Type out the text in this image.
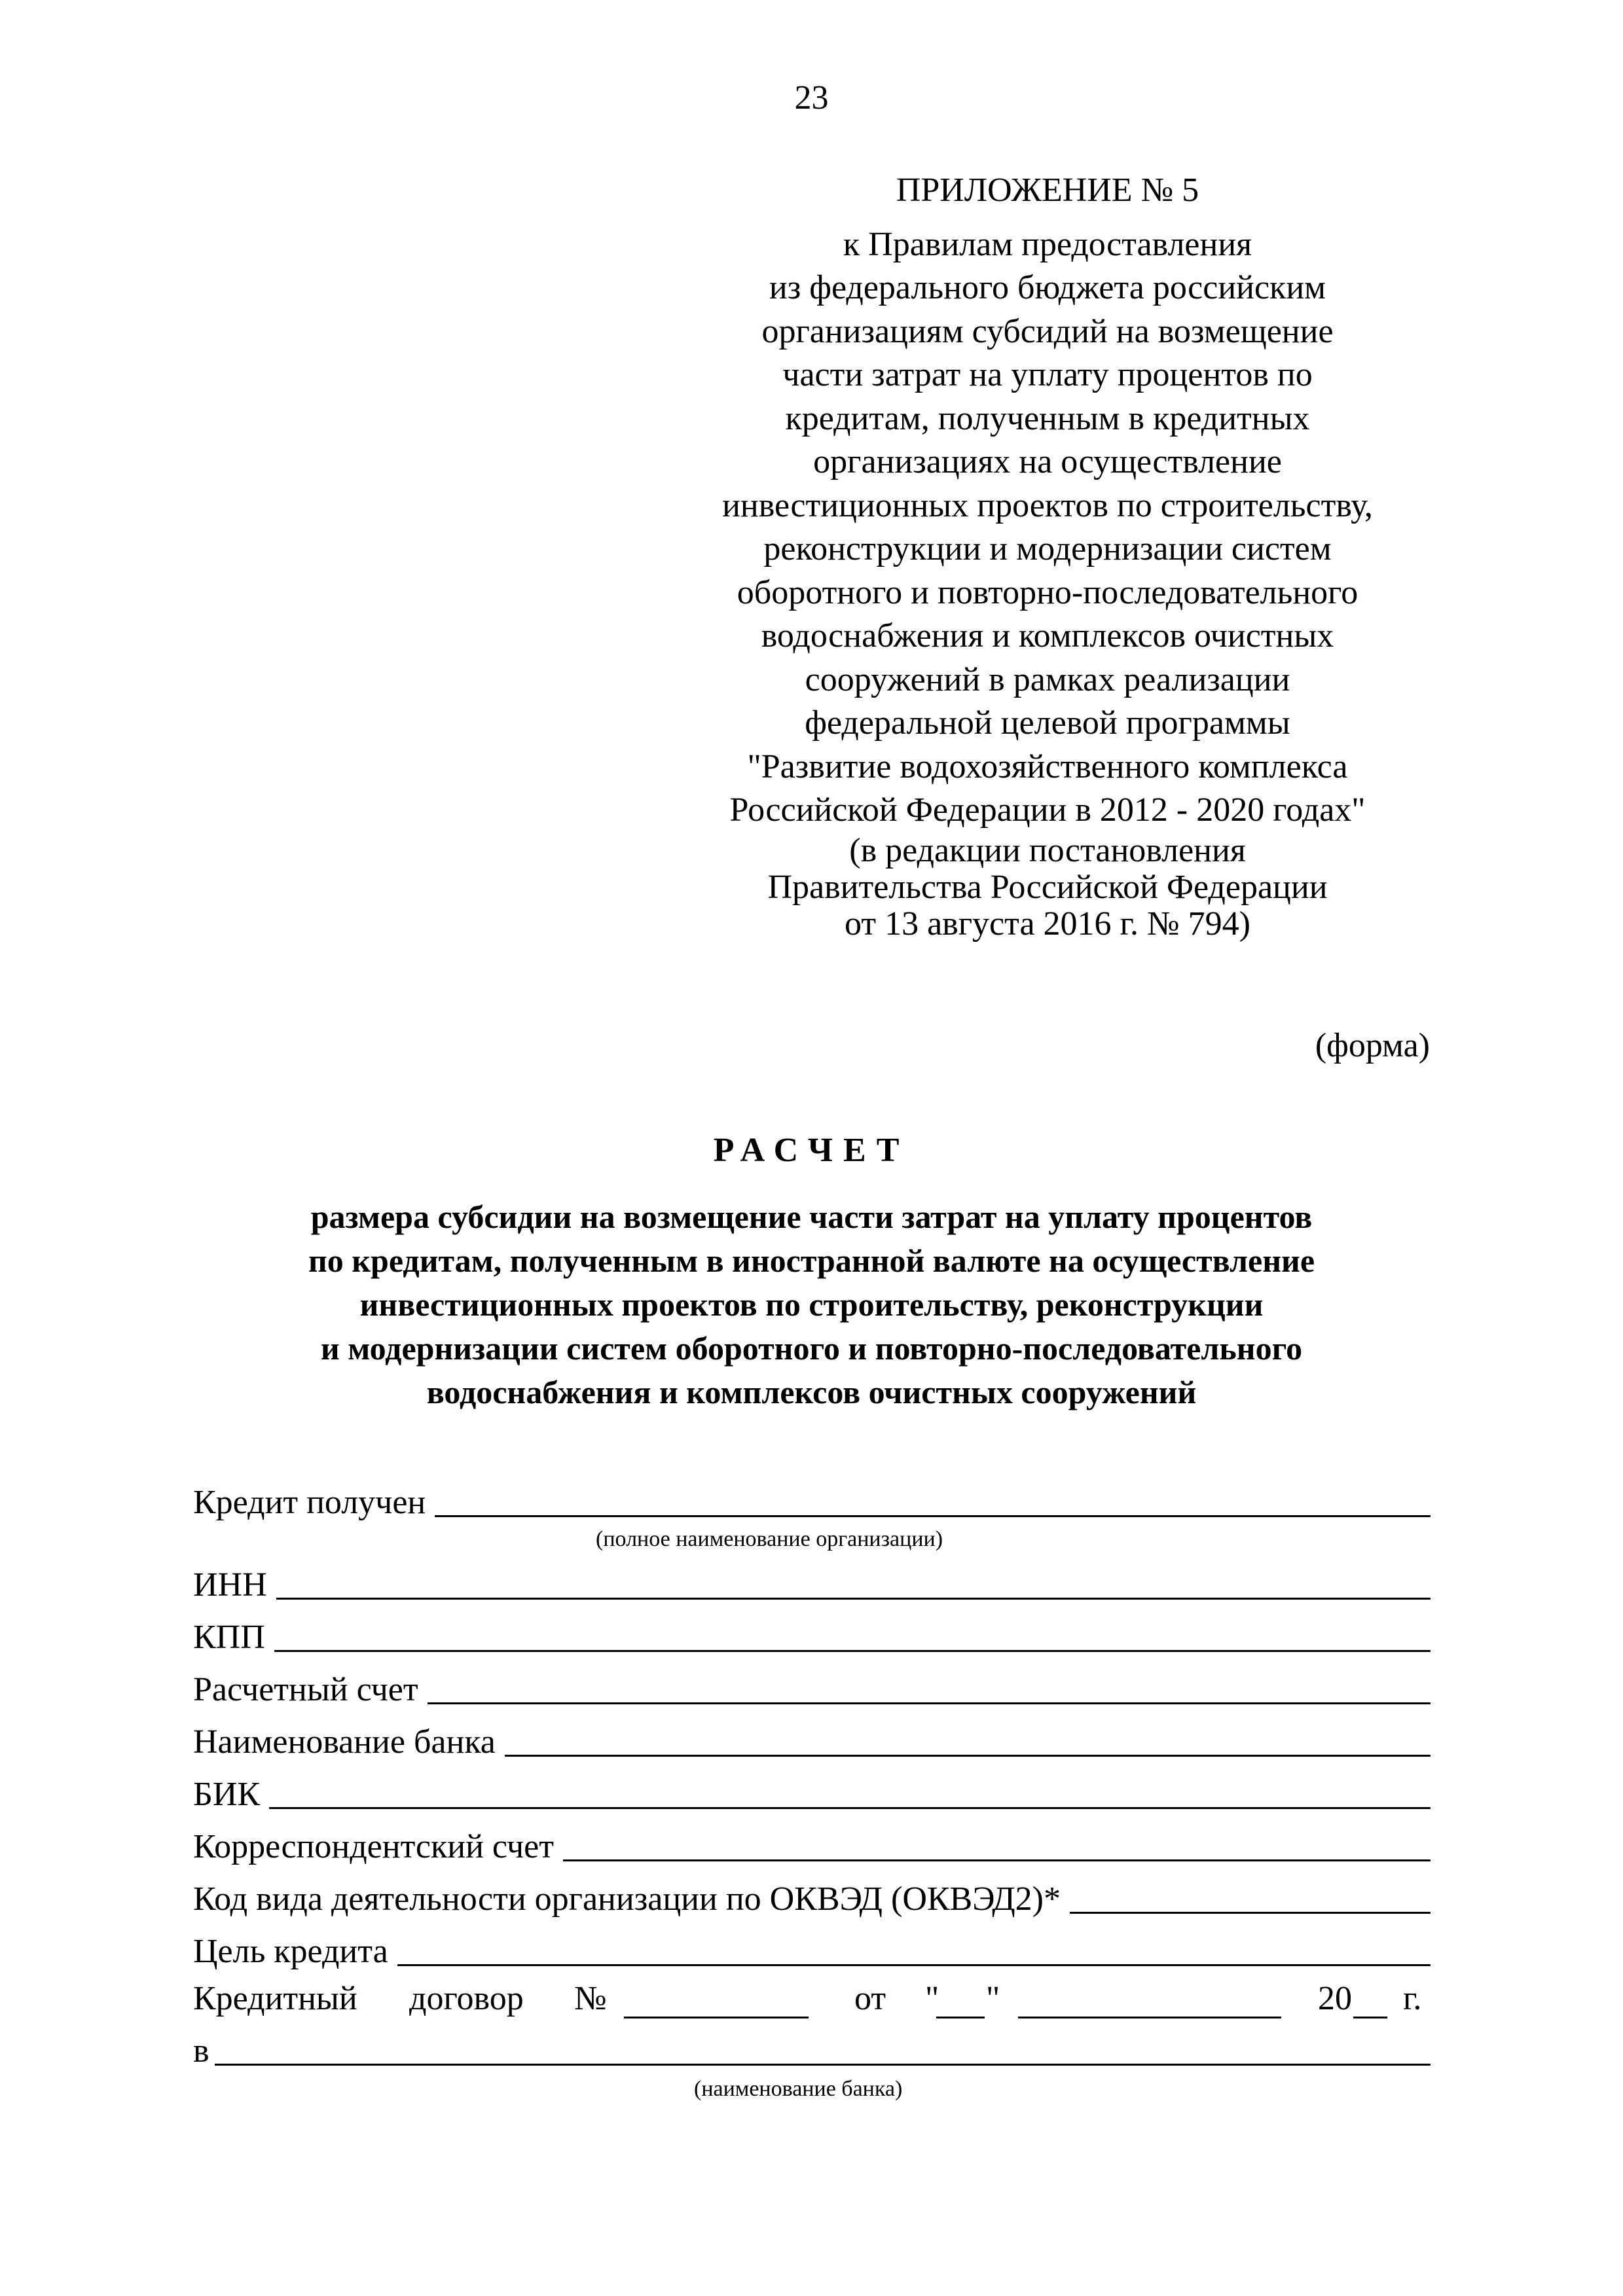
23
ПРИЛОЖЕНИЕ № 5
к Правилам предоставления
из федерального бюджета российским
организациям субсидий на возмещение
части затрат на уплату процентов по
кредитам, полученным в кредитных
организациях на осуществление
инвестиционных проектов по строительству,
реконструкции и модернизации систем
оборотного и повторно-последовательного
водоснабжения и комплексов очистных
сооружений в рамках реализации
федеральной целевой программы
"Развитие водохозяйственного комплекса
Российской Федерации в 2012 - 2020 годах"
(в редакции постановления
Правительства Российской Федерации
от 13 августа 2016 г. № 794)
(форма)
РАСЧЕТ
размера субсидии на возмещение части затрат на уплату процентов
по кредитам, полученным в иностранной валюте на осуществление
инвестиционных проектов по строительству, реконструкции
и модернизации систем оборотного и повторно-последовательного
водоснабжения и комплексов очистных сооружений
Кредит получен
(полное наименование организации)
ИНН
КПП
Расчетный счет
Наименование банка
БИК
Корреспондентский счет
Код вида деятельности организации по ОКВЭД (ОКВЭД2)*
Цель кредита
Кредитный договор №	от " "	20 г.
в
(наименование банка)
